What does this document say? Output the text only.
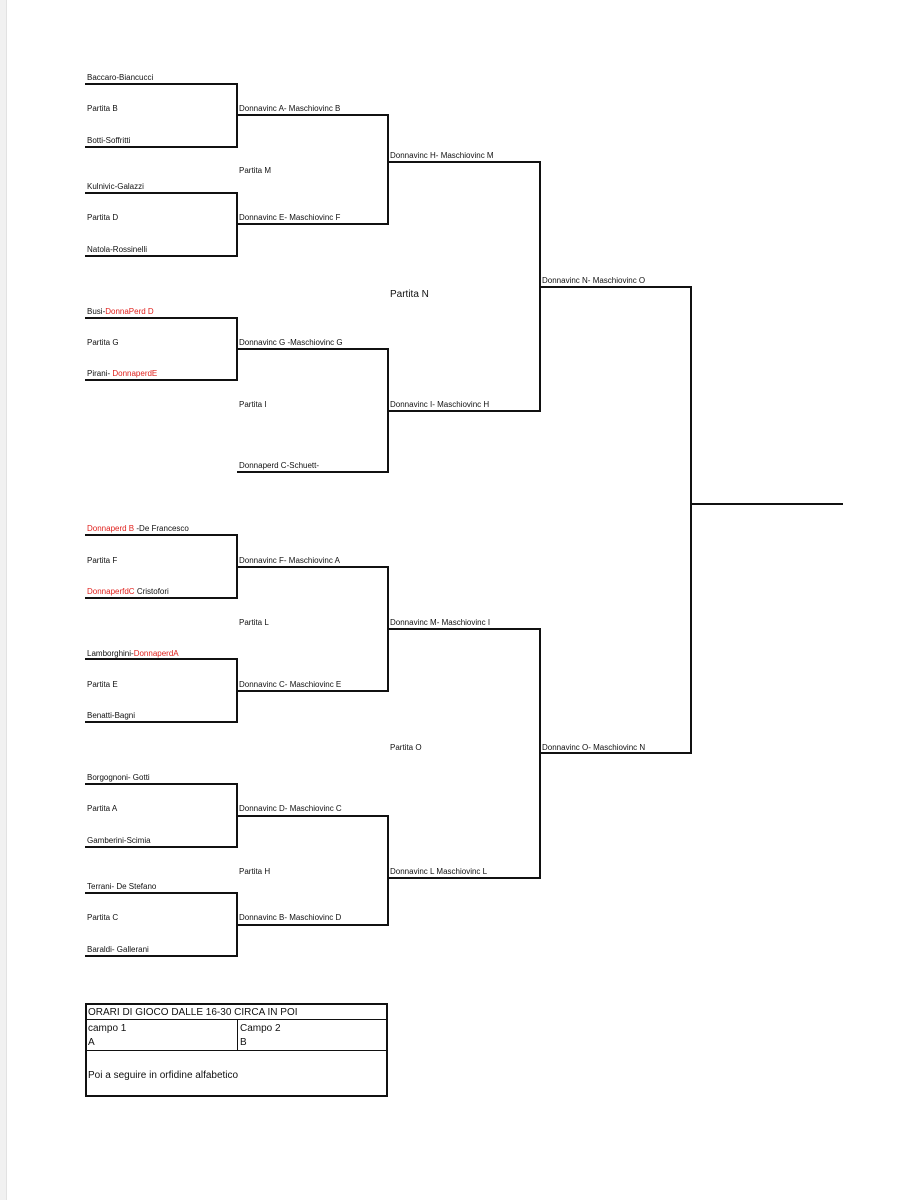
Baccaro-Biancucci
Partita B
Botti-Soffritti
Kulnivic-Galazzi
Partita D
Natola-Rossinelli
Busi-DonnaPerd D
Partita G
Pirani- DonnaperdE
Donnaperd B -De Francesco
Partita F
DonnaperfdC Cristofori
Lamborghini-DonnaperdA
Partita E
Benatti-Bagni
Borgognoni- Gotti
Partita A
Gamberini-Scimia
Terrani- De Stefano
Partita C
Baraldi- Gallerani
Donnavinc A- Maschiovinc B
Partita M
Donnavinc E- Maschiovinc F
Donnavinc G -Maschiovinc G
Partita I
Donnaperd C-Schuett-
Donnavinc F- Maschiovinc A
Partita L
Donnavinc C- Maschiovinc E
Donnavinc D- Maschiovinc C
Partita H
Donnavinc B- Maschiovinc D
Donnavinc H- Maschiovinc M
Partita N
Donnavinc I- Maschiovinc H
Donnavinc M- Maschiovinc I
Partita O
Donnavinc L Maschiovinc L
Donnavinc N- Maschiovinc O
Donnavinc O- Maschiovinc N
ORARI DI GIOCO DALLE 16-30 CIRCA IN POI
campo 1
A
Campo 2
B
Poi a seguire in orfidine alfabetico
